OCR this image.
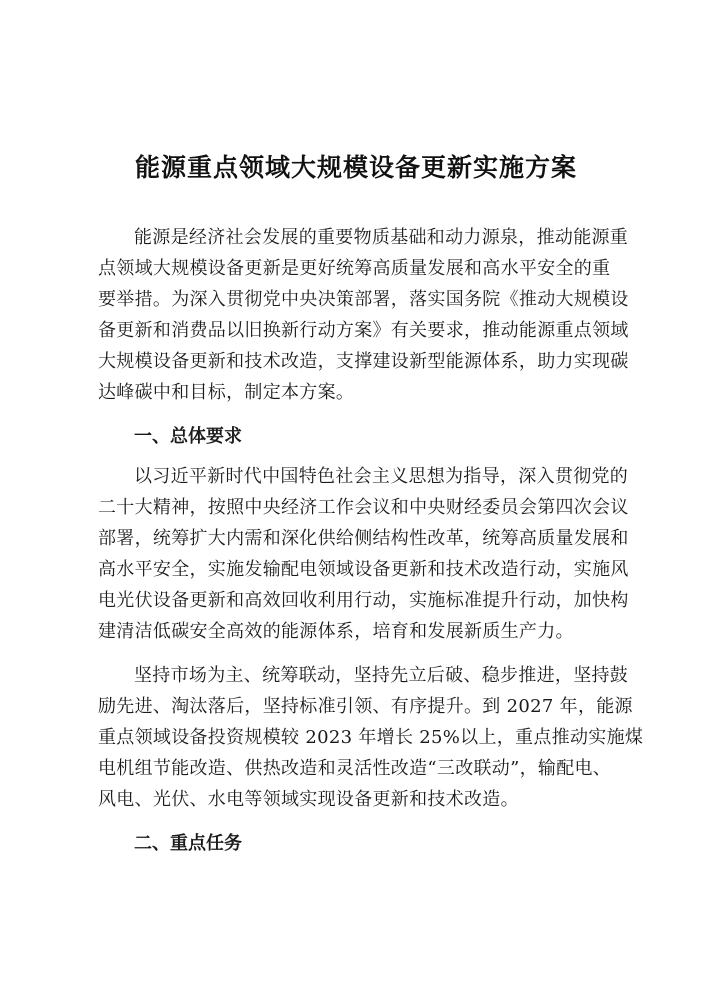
能源重点领域大规模设备更新实施方案
能源是经济社会发展的重要物质基础和动力源泉，推动能源重
点领域大规模设备更新是更好统筹高质量发展和高水平安全的重
要举措。为深入贯彻党中央决策部署，落实国务院《推动大规模设
备更新和消费品以旧换新行动方案》有关要求，推动能源重点领域
大规模设备更新和技术改造，支撑建设新型能源体系，助力实现碳
达峰碳中和目标，制定本方案。
一、总体要求
以习近平新时代中国特色社会主义思想为指导，深入贯彻党的
二十大精神，按照中央经济工作会议和中央财经委员会第四次会议
部署，统筹扩大内需和深化供给侧结构性改革，统筹高质量发展和
高水平安全，实施发输配电领域设备更新和技术改造行动，实施风
电光伏设备更新和高效回收利用行动，实施标准提升行动，加快构
建清洁低碳安全高效的能源体系，培育和发展新质生产力。
坚持市场为主、统筹联动，坚持先立后破、稳步推进，坚持鼓
励先进、淘汰落后，坚持标准引领、有序提升。到 2027 年，能源
重点领域设备投资规模较 2023 年增长 25%以上，重点推动实施煤
电机组节能改造、供热改造和灵活性改造“三改联动”，输配电、
风电、光伏、水电等领域实现设备更新和技术改造。
二、重点任务
